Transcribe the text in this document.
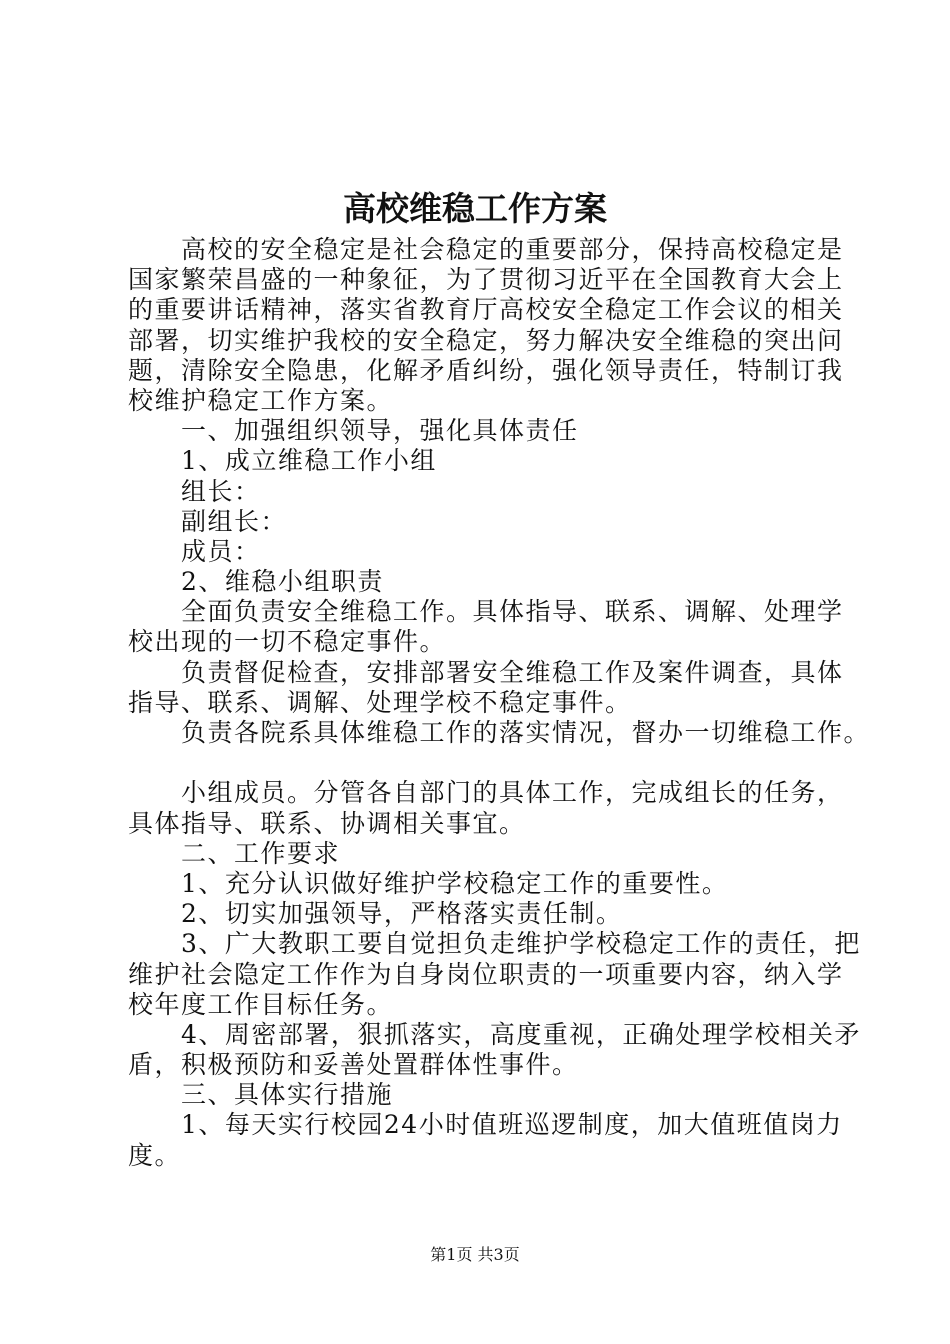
高校维稳工作方案
高校的安全稳定是社会稳定的重要部分，保持高校稳定是
国家繁荣昌盛的一种象征，为了贯彻习近平在全国教育大会上
的重要讲话精神，落实省教育厅高校安全稳定工作会议的相关
部署，切实维护我校的安全稳定，努力解决安全维稳的突出问
题，清除安全隐患，化解矛盾纠纷，强化领导责任，特制订我
校维护稳定工作方案。
一、加强组织领导，强化具体责任
1、成立维稳工作小组
组长：
副组长：
成员：
2、维稳小组职责
全面负责安全维稳工作。具体指导、联系、调解、处理学
校出现的一切不稳定事件。
负责督促检查，安排部署安全维稳工作及案件调查，具体
指导、联系、调解、处理学校不稳定事件。
负责各院系具体维稳工作的落实情况，督办一切维稳工作。
小组成员。分管各自部门的具体工作，完成组长的任务，
具体指导、联系、协调相关事宜。
二、工作要求
1、充分认识做好维护学校稳定工作的重要性。
2、切实加强领导，严格落实责任制。
3、广大教职工要自觉担负走维护学校稳定工作的责任，把
维护社会隐定工作作为自身岗位职责的一项重要内容，纳入学
校年度工作目标任务。
4、周密部署，狠抓落实，高度重视，正确处理学校相关矛
盾，积极预防和妥善处置群体性事件。
三、具体实行措施
1、每天实行校园24小时值班巡逻制度，加大值班值岗力
度。
第1页 共3页
